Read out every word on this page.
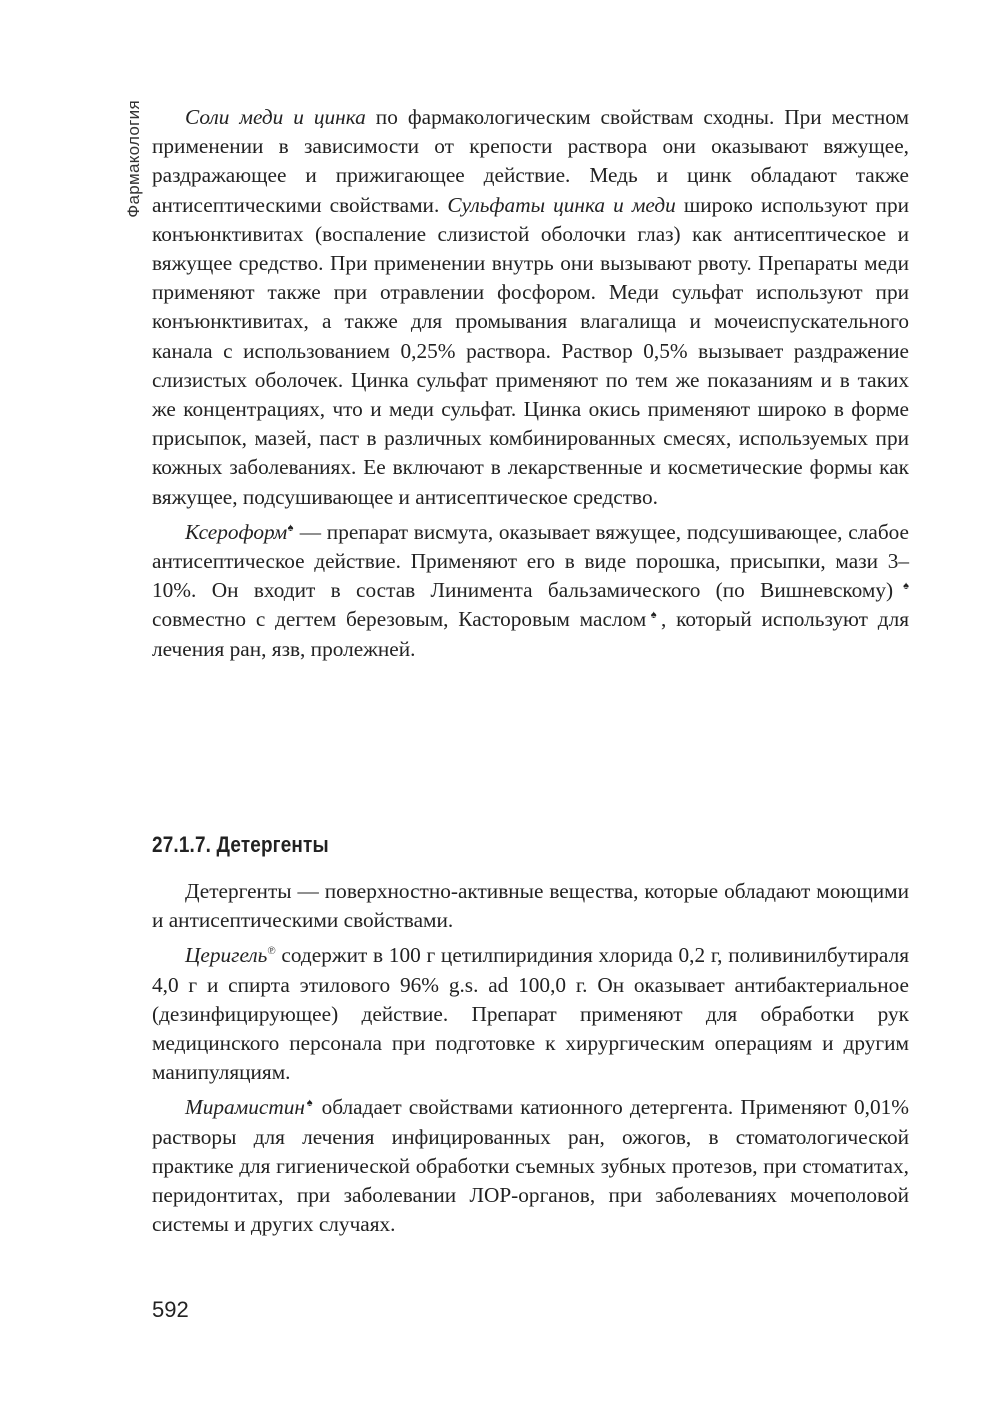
Фармакология	Соли меди и цинка по фармакологическим свойствам сходны. При местном применении в зависимости от крепости раствора они оказывают вяжущее, раздражающее и прижигающее действие. Медь и цинк обладают также антисептическими свойствами. Сульфаты цинка и меди широко используют при конъюнктивитах (воспаление слизистой оболочки глаз) как антисептическое и вяжущее средство. При применении внутрь они вызывают рвоту. Препараты меди применяют также при отравлении фосфором. Меди сульфат используют при конъюнктивитах, а также для промывания влагалища и мочеиспускательного канала с использованием 0,25% раствора. Раствор 0,5% вызывает раздражение слизистых оболочек. Цинка сульфат применяют по тем же показаниям и в таких же концентрациях, что и меди сульфат. Цинка окись применяют широко в форме присыпок, мазей, паст в различных комбинированных смесях, используемых при кожных заболеваниях. Ее включают в лекарственные и косметические формы как вяжущее, подсушивающее и антисептическое средство.

Ксероформ♠ — препарат висмута, оказывает вяжущее, подсушивающее, слабое антисептическое действие. Применяют его в виде порошка, присыпки, мази 3–10%. Он входит в состав Линимента бальзамического (по Вишневскому)♠ совместно с дегтем березовым, Касторовым маслом♠, который используют для лечения ран, язв, пролежней.

27.1.7. Детергенты

Детергенты — поверхностно-активные вещества, которые обладают моющими и антисептическими свойствами.

Церигель℗ содержит в 100 г цетилпиридиния хлорида 0,2 г, поливинилбутираля 4,0 г и спирта этилового 96% g.s. ad 100,0 г. Он оказывает антибактериальное (дезинфицирующее) действие. Препарат применяют для обработки рук медицинского персонала при подготовке к хирургическим операциям и другим манипуляциям.

Мирамистин♠ обладает свойствами катионного детергента. Применяют 0,01% растворы для лечения инфицированных ран, ожогов, в стоматологической практике для гигиенической обработки съемных зубных протезов, при стоматитах, перидонтитах, при заболевании ЛОР-органов, при заболеваниях мочеполовой системы и других случаях.

592
